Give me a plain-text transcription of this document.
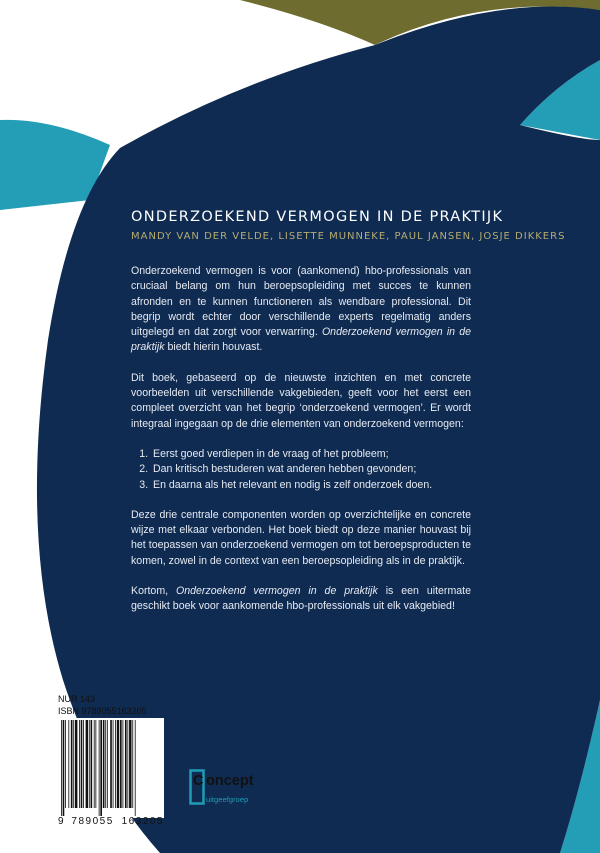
ONDERZOEKEND VERMOGEN IN DE PRAKTIJK
MANDY VAN DER VELDE, LISETTE MUNNEKE, PAUL JANSEN, JOSJE DIKKERS

Onderzoekend vermogen is voor (aankomend) hbo-professionals van cruciaal belang om hun beroepsopleiding met succes te kunnen afronden en te kunnen functioneren als wendbare professional. Dit begrip wordt echter door verschillende experts regelmatig anders uitgelegd en dat zorgt voor verwarring. Onderzoekend vermogen in de praktijk biedt hierin houvast.

Dit boek, gebaseerd op de nieuwste inzichten en met concrete voorbeelden uit verschillende vakgebieden, geeft voor het eerst een compleet overzicht van het begrip ‘onderzoekend vermogen’. Er wordt integraal ingegaan op de drie elementen van onderzoekend vermogen:

1. Eerst goed verdiepen in de vraag of het probleem;
2. Dan kritisch bestuderen wat anderen hebben gevonden;
3. En daarna als het relevant en nodig is zelf onderzoek doen.

Deze drie centrale componenten worden op overzichtelijke en concrete wijze met elkaar verbonden. Het boek biedt op deze manier houvast bij het toepassen van onderzoekend vermogen om tot beroepsproducten te komen, zowel in de context van een beroepsopleiding als in de praktijk.

Kortom, Onderzoekend vermogen in de praktijk is een uitermate geschikt boek voor aankomende hbo-professionals uit elk vakgebied!

NUR 143
ISBN 9789055163205
9 789055 163205
C oncept
uitgeefgroep
